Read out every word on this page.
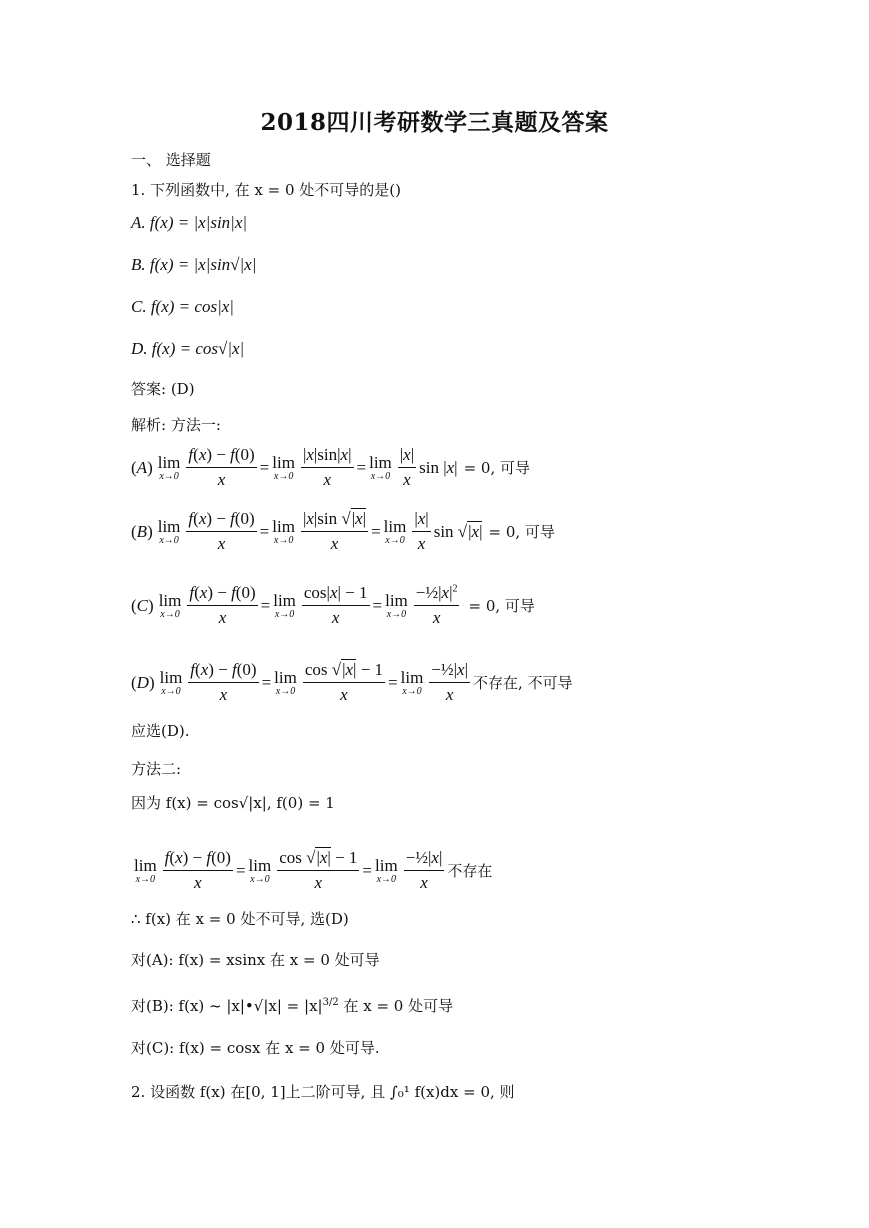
2018四川考研数学三真题及答案
一、 选择题
1. 下列函数中, 在 x = 0 处不可导的是()
A. f(x) = |x|sin|x|
B. f(x) = |x|sin√|x|
C. f(x) = cos|x|
D. f(x) = cos√|x|
答案: (D)
解析: 方法一:
(A) lim
$x\to 0 \frac{f(x) - f(0)}{x} = \lim$
$x\to 0 \frac{|x|\sin|x|}{x} = \lim$
$x\to 0 \frac{|x|}{x}$ sin | x | = 0, 可导
(B) lim
$x\to 0 \frac{f(x) - f(0)}{x} = \lim$
$x\to 0 \frac{|x|\sin √|x|}{x} = \lim$
$x\to 0 \frac{|x|}{x}$ sin √ |x| = 0, 可导
(C) lim
$x\to 0 \frac{f(x) - f(0)}{x} = \lim$
$x\to 0 \frac{\cos|x| - 1}{x} = \lim$
$x\to 0 \frac{-\frac{1}{2}|x|^2}{x} = 0$, 可导
(D) lim
$x\to 0 \frac{f(x) - f(0)}{x} = \lim$
$x\to 0 \frac{\cos √|x| - 1}{x} = \lim$
$x\to 0 \frac{\text{−½|x|}}{x}$ 不存在, 不可导
应选(D).
方法二:
因为 f(x) = cos√|x|, f(0) = 1
lim
$x\to 0 \frac{f(x) - f(0)}{x} = \lim$
$x\to 0 \frac{\cos √|x| - 1}{x} = \lim$
$x\to 0 \frac{\text{−½|x|}}{x}$ 不存在
∴ f(x) 在 x = 0 处不可导, 选(D)
对(A): f(x) = xsinx 在 x = 0 处可导
对(B): f(x) ~ |x|•√|x| = $|x|^{3/2}$ 在 x = 0 处可导
对(C): f(x) = cosx 在 x = 0 处可导.
2. 设函数 f(x) 在[0, 1]上二阶可导, 且 ∫₀¹ f(x)dx = 0, 则
